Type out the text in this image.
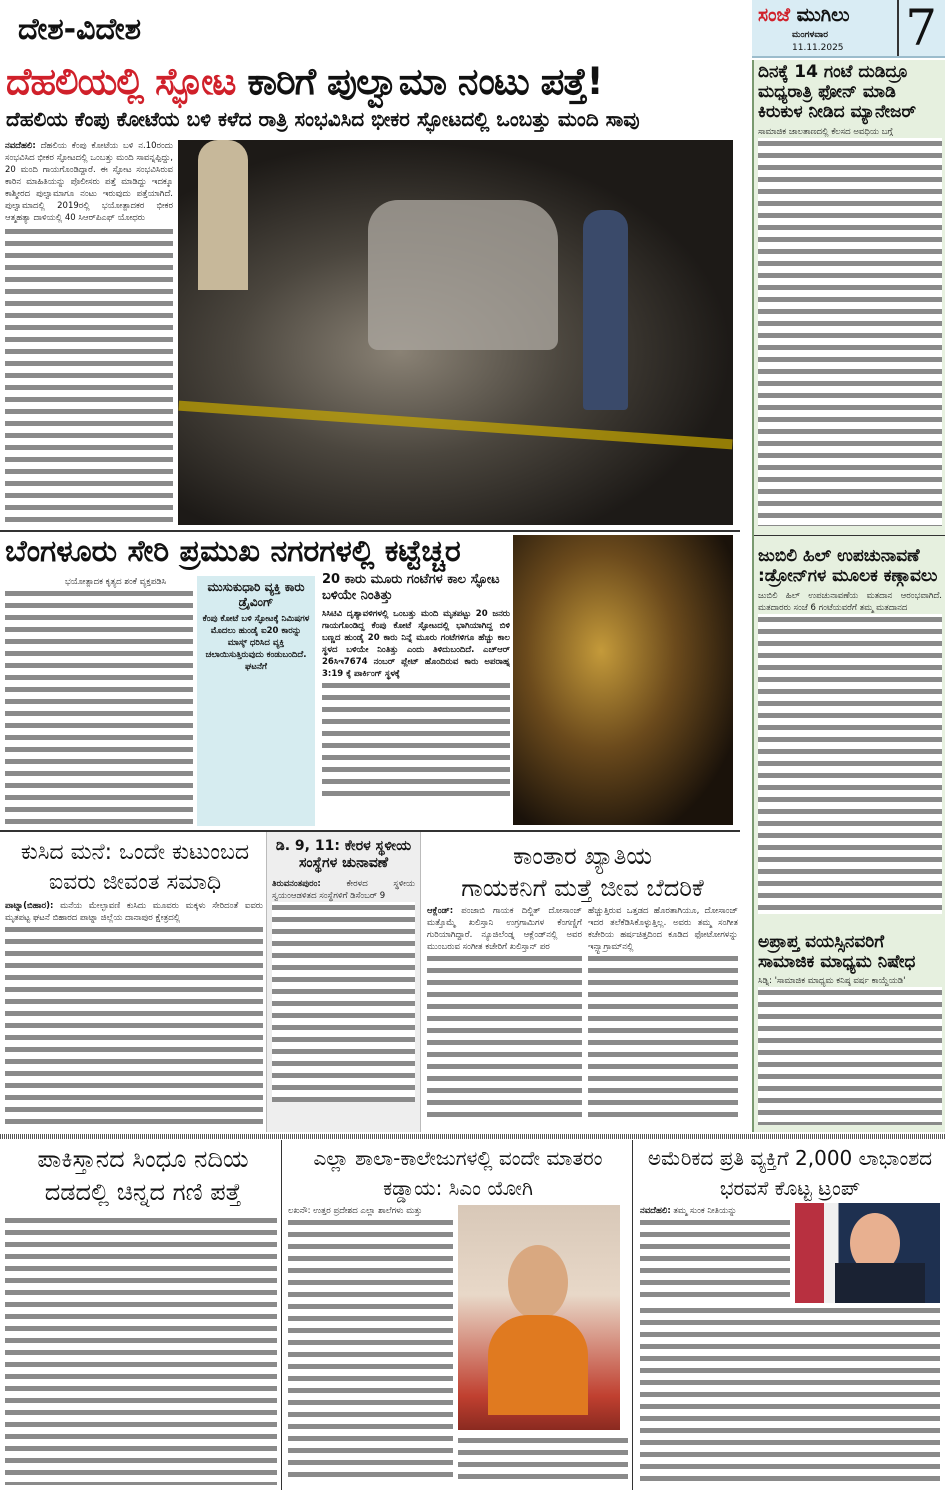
ದೇಶ-ವಿದೇಶ	ಸಂಜೆ ಮುಗಿಲು
ಮಂಗಳವಾರ
11.11.2025 7
ದೆಹಲಿಯಲ್ಲಿ ಸ್ಫೋಟ ಕಾರಿಗೆ ಪುಲ್ವಾಮಾ ನಂಟು ಪತ್ತೆ!
ದೆಹಲಿಯ ಕೆಂಪು ಕೋಟೆಯ ಬಳಿ ಕಳೆದ ರಾತ್ರಿ ಸಂಭವಿಸಿದ ಭೀಕರ ಸ್ಫೋಟದಲ್ಲಿ ಒಂಬತ್ತು ಮಂದಿ ಸಾವು
ನವದೆಹಲಿ: ದೆಹಲಿಯ ಕೆಂಪು ಕೋಟೆಯ ಬಳಿ ನ.10ರಂದು ಸಂಭವಿಸಿದ ಭೀಕರ ಸ್ಫೋಟದಲ್ಲಿ ಒಂಬತ್ತು ಮಂದಿ ಸಾವನ್ನಪ್ಪಿದ್ದು, 20 ಮಂದಿ ಗಾಯಗೊಂಡಿದ್ದಾರೆ. ಈ ಸ್ಫೋಟ ಸಂಭವಿಸಿರುವ ಕಾರಿನ ಮಾಹಿತಿಯನ್ನು ಪೊಲೀಸರು ಪತ್ತೆ ಮಾಡಿದ್ದು ಇದಕ್ಕೂ ಕಾಶ್ಮೀರದ ಪುಲ್ವಾಮಾಗೂ ನಂಟು ಇರುವುದು ಪತ್ತೆಯಾಗಿದೆ. ಪುಲ್ವಾಮಾದಲ್ಲಿ 2019ರಲ್ಲಿ ಭಯೋತ್ಪಾದಕರ ಭೀಕರ ಆತ್ಮಹತ್ಯಾ ದಾಳಿಯಲ್ಲಿ 40 ಸಿಆರ್‌ಪಿಎಫ್ ಯೋಧರು
ದಿನಕ್ಕೆ 14 ಗಂಟೆ ದುಡಿದ್ರೂ ಮಧ್ಯರಾತ್ರಿ ಫೋನ್ ಮಾಡಿ ಕಿರುಕುಳ ನೀಡಿದ ಮ್ಯಾನೇಜರ್
ಸಾಮಾಜಿಕ ಜಾಲತಾಣದಲ್ಲಿ ಕೆಲಸದ ಅವಧಿಯ ಬಗ್ಗೆ
ಜುಬಿಲಿ ಹಿಲ್ ಉಪಚುನಾವಣೆ :ಡ್ರೋನ್‌ಗಳ ಮೂಲಕ ಕಣ್ಗಾವಲು
ಜುಬಿಲಿ ಹಿಲ್ ಉಪಚುನಾವಣೆಯ ಮತದಾನ ಆರಂಭವಾಗಿದೆ. ಮತದಾರರು ಸಂಜೆ 6 ಗಂಟೆಯವರೆಗೆ ತಮ್ಮ ಮತದಾನದ
ಅಪ್ರಾಪ್ತ ವಯಸ್ಸಿನವರಿಗೆ ಸಾಮಾಜಿಕ ಮಾಧ್ಯಮ ನಿಷೇಧ
ಸಿಡ್ನಿ: 'ಸಾಮಾಜಿಕ ಮಾಧ್ಯಮ ಕನಿಷ್ಠ ವರ್ಷ ಕಾಯ್ದೆಯಡಿ'
ಬೆಂಗಳೂರು ಸೇರಿ ಪ್ರಮುಖ ನಗರಗಳಲ್ಲಿ ಕಟ್ಟೆಚ್ಚರ
ಭಯೋತ್ಪಾದಕ ಕೃತ್ಯದ ಶಂಕೆ ವ್ಯಕ್ತಪಡಿಸಿ	ಮುಸುಕುಧಾರಿ ವ್ಯಕ್ತಿ ಕಾರು ಡ್ರೈವಿಂಗ್
ಕೆಂಪು ಕೋಟೆ ಬಳಿ ಸ್ಫೋಟಕ್ಕೆ ನಿಮಿಷಗಳ ಮೊದಲು ಹುಂಡೈ ಐ20 ಕಾರನ್ನು ಮಾಸ್ಕ್ ಧರಿಸಿದ ವ್ಯಕ್ತಿ ಚಲಾಯಿಸುತ್ತಿರುವುದು ಕಂಡುಬಂದಿದೆ. ಘಟನೆಗೆ
20 ಕಾರು ಮೂರು ಗಂಟೆಗಳ ಕಾಲ ಸ್ಫೋಟ ಬಳಿಯೇ ನಿಂತಿತ್ತು
ಸಿಸಿಟಿವಿ ದೃಶ್ಯಾವಳಿಗಳಲ್ಲಿ ಒಂಬತ್ತು ಮಂದಿ ಮೃತಪಟ್ಟು 20 ಜನರು ಗಾಯಗೊಂಡಿದ್ದ ಕೆಂಪು ಕೋಟೆ ಸ್ಫೋಟದಲ್ಲಿ ಭಾಗಿಯಾಗಿದ್ದ ಬಿಳಿ ಬಣ್ಣದ ಹುಂಡೈ 20 ಕಾರು ನಿನ್ನೆ ಮೂರು ಗಂಟೆಗಳಿಗೂ ಹೆಚ್ಚು ಕಾಲ ಸ್ಥಳದ ಬಳಿಯೇ ನಿಂತಿತ್ತು ಎಂದು ತಿಳಿದುಬಂದಿದೆ. ಎಚ್‌ಆರ್ 26ಸಿಇ7674 ನಂಬರ್ ಪ್ಲೇಟ್ ಹೊಂದಿರುವ ಕಾರು ಅಪರಾಹ್ನ 3:19 ಕ್ಕೆ ಪಾರ್ಕಿಂಗ್ ಸ್ಥಳಕ್ಕೆ
ಕುಸಿದ ಮನೆ: ಒಂದೇ ಕುಟುಂಬದ ಐವರು ಜೀವಂತ ಸಮಾಧಿ
ಪಾಟ್ನಾ(ಬಿಹಾರ): ಮನೆಯ ಮೇಲ್ಛಾವಣಿ ಕುಸಿದು ಮೂವರು ಮಕ್ಕಳು ಸೇರಿದಂತೆ ಐವರು ಮೃತಪಟ್ಟ ಘಟನೆ ಬಿಹಾರದ ಪಾಟ್ನಾ ಜಿಲ್ಲೆಯ ದಾನಾಪುರ ಕ್ಷೇತ್ರದಲ್ಲಿ
ಡಿ. 9, 11: ಕೇರಳ ಸ್ಥಳೀಯ ಸಂಸ್ಥೆಗಳ ಚುನಾವಣೆ
ತಿರುವನಂತಪುರಂ:	ಕೇರಳದ ಸ್ಥಳೀಯ ಸ್ವಯಂಆಡಳಿತದ ಸಂಸ್ಥೆಗಳಿಗೆ ಡಿಸೆಂಬರ್ 9
ಕಾಂತಾರ ಖ್ಯಾತಿಯ
ಗಾಯಕನಿಗೆ ಮತ್ತೆ ಜೀವ ಬೆದರಿಕೆ
ಆಕ್ಲೆಂಡ್: ಪಂಜಾಬಿ ಗಾಯಕ ದಿಲ್ಜಿತ್ ದೋಸಾಂಜ್ ಮತ್ತೊಮ್ಮೆ ಖಲಿಸ್ತಾನಿ ಉಗ್ರಗಾಮಿಗಳ ಕೆಂಗಣ್ಣಿಗೆ ಗುರಿಯಾಗಿದ್ದಾರೆ. ನ್ಯೂಜಿಲೆಂಡ್ನ ಆಕ್ಲೆಂಡ್‌ನಲ್ಲಿ ಅವರ ಮುಂಬರುವ ಸಂಗೀತ ಕಚೇರಿಗೆ ಖಲಿಸ್ತಾನ್ ಪರ
ಹೆಚ್ಚುತ್ತಿರುವ ಒತ್ತಡದ ಹೊರತಾಗಿಯೂ, ದೋಸಾಂಜ್ ಇದರ ತಲೆಕೆಡಿಸಿಕೊಳ್ಳುತ್ತಿಲ್ಲ. ಅವರು ತಮ್ಮ ಸಂಗೀತ ಕಚೇರಿಯ ಹರ್ಷಚಿತ್ತದಿಂದ ಕೂಡಿದ ಫೋಟೋಗಳನ್ನು ಇನ್ಸ್ಟಾಗ್ರಾಮ್‌ನಲ್ಲಿ
ಪಾಕಿಸ್ತಾನದ ಸಿಂಧೂ ನದಿಯ ದಡದಲ್ಲಿ ಚಿನ್ನದ ಗಣಿ ಪತ್ತೆ
ಎಲ್ಲಾ ಶಾಲಾ-ಕಾಲೇಜುಗಳಲ್ಲಿ ವಂದೇ ಮಾತರಂ ಕಡ್ಡಾಯ: ಸಿಎಂ ಯೋಗಿ
ಲಖನೌ: ಉತ್ತರ ಪ್ರದೇಶದ ಎಲ್ಲಾ ಶಾಲೆಗಳು ಮತ್ತು
ಅಮೆರಿಕದ ಪ್ರತಿ ವ್ಯಕ್ತಿಗೆ 2,000 ಲಾಭಾಂಶದ ಭರವಸೆ ಕೊಟ್ಟ ಟ್ರಂಪ್
ನವದೆಹಲಿ: ತಮ್ಮ ಸುಂಕ ನೀತಿಯನ್ನು
